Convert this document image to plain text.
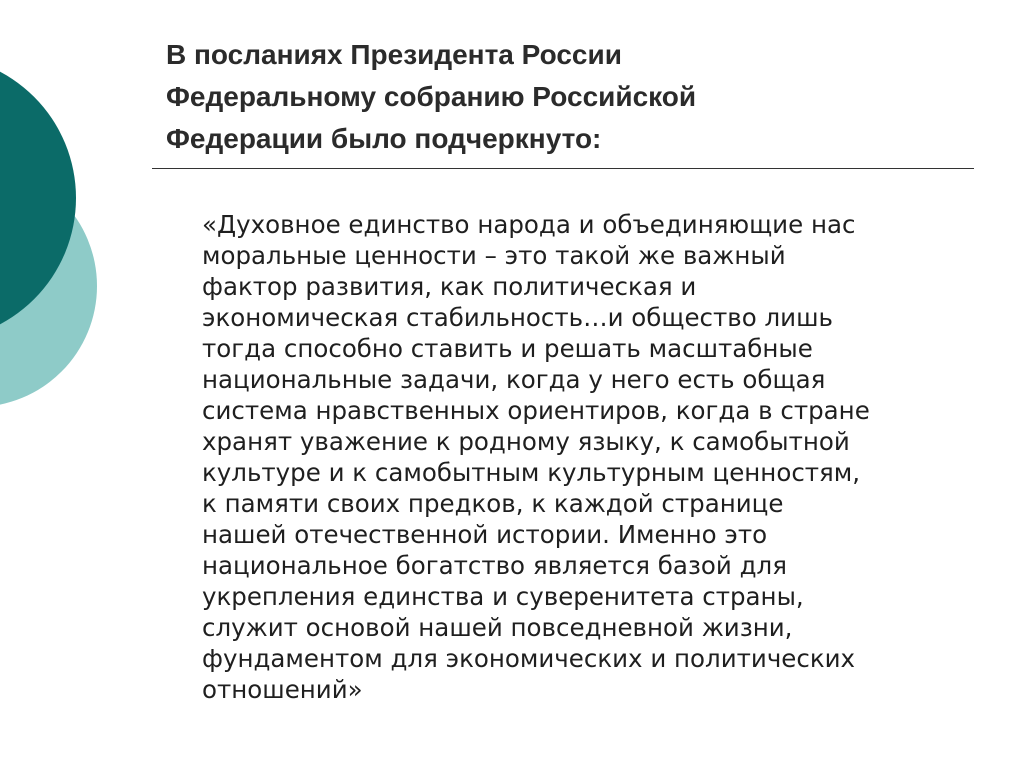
В посланиях Президента России
Федеральному собранию Российской
Федерации было подчеркнуто:

«Духовное единство народа и объединяющие нас
моральные ценности – это такой же важный
фактор развития, как политическая и
экономическая стабильность…и общество лишь
тогда способно ставить и решать масштабные
национальные задачи, когда у него есть общая
система нравственных ориентиров, когда в стране
хранят уважение к родному языку, к самобытной
культуре и к самобытным культурным ценностям,
к памяти своих предков, к каждой странице
нашей отечественной истории. Именно это
национальное богатство является базой для
укрепления единства и суверенитета страны,
служит основой нашей повседневной жизни,
фундаментом для экономических и политических
отношений»
